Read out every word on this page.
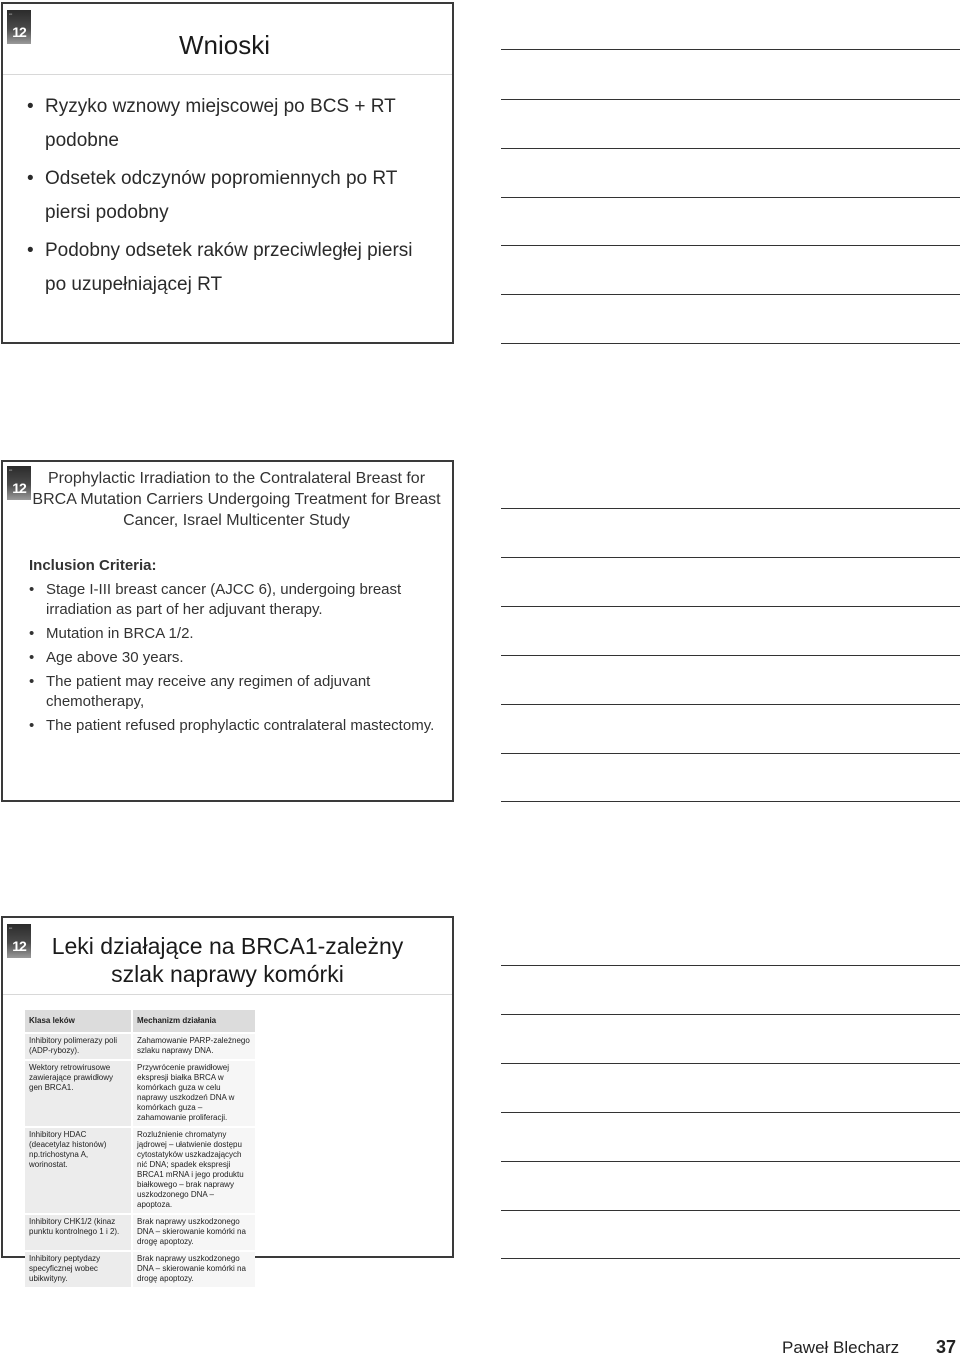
▪▪▪
12	Wnioski
• Ryzyko wznowy miejscowej po BCS + RT podobne
• Odsetek odczynów popromiennych po RT piersi podobny
• Podobny odsetek raków przeciwległej piersi po uzupełniającej RT
▪▪▪
12
Prophylactic Irradiation to the Contralateral Breast for BRCA Mutation Carriers Undergoing Treatment for Breast Cancer, Israel Multicenter Study
Inclusion Criteria:
• Stage I-III breast cancer (AJCC 6), undergoing breast irradiation as part of her adjuvant therapy.
• Mutation in BRCA 1/2.
• Age above 30 years.
• The patient may receive any regimen of adjuvant chemotherapy,
• The patient refused prophylactic contralateral mastectomy.
▪▪▪
12	Leki działające na BRCA1-zależny szlak naprawy komórki
Klasa leków	Mechanizm działania
Inhibitory polimerazy poli (ADP-rybozy).	Zahamowanie PARP-zależnego szlaku naprawy DNA.
Wektory retrowirusowe zawierające prawidłowy gen BRCA1.	Przywrócenie prawidłowej ekspresji białka BRCA w komórkach guza w celu naprawy uszkodzeń DNA w komórkach guza – zahamowanie proliferacji.
Inhibitory HDAC (deacetylaz histonów) np.trichostyna A, worinostat.	Rozluźnienie chromatyny jądrowej – ułatwienie dostępu cytostatyków uszkadzających nić DNA; spadek ekspresji BRCA1 mRNA i jego produktu białkowego – brak naprawy uszkodzonego DNA – apoptoza.
Inhibitory CHK1/2 (kinaz punktu kontrolnego 1 i 2).	Brak naprawy uszkodzonego DNA – skierowanie komórki na drogę apoptozy.
Inhibitory peptydazy specyficznej wobec ubikwityny.	Brak naprawy uszkodzonego DNA – skierowanie komórki na drogę apoptozy.
Paweł Blecharz 37
